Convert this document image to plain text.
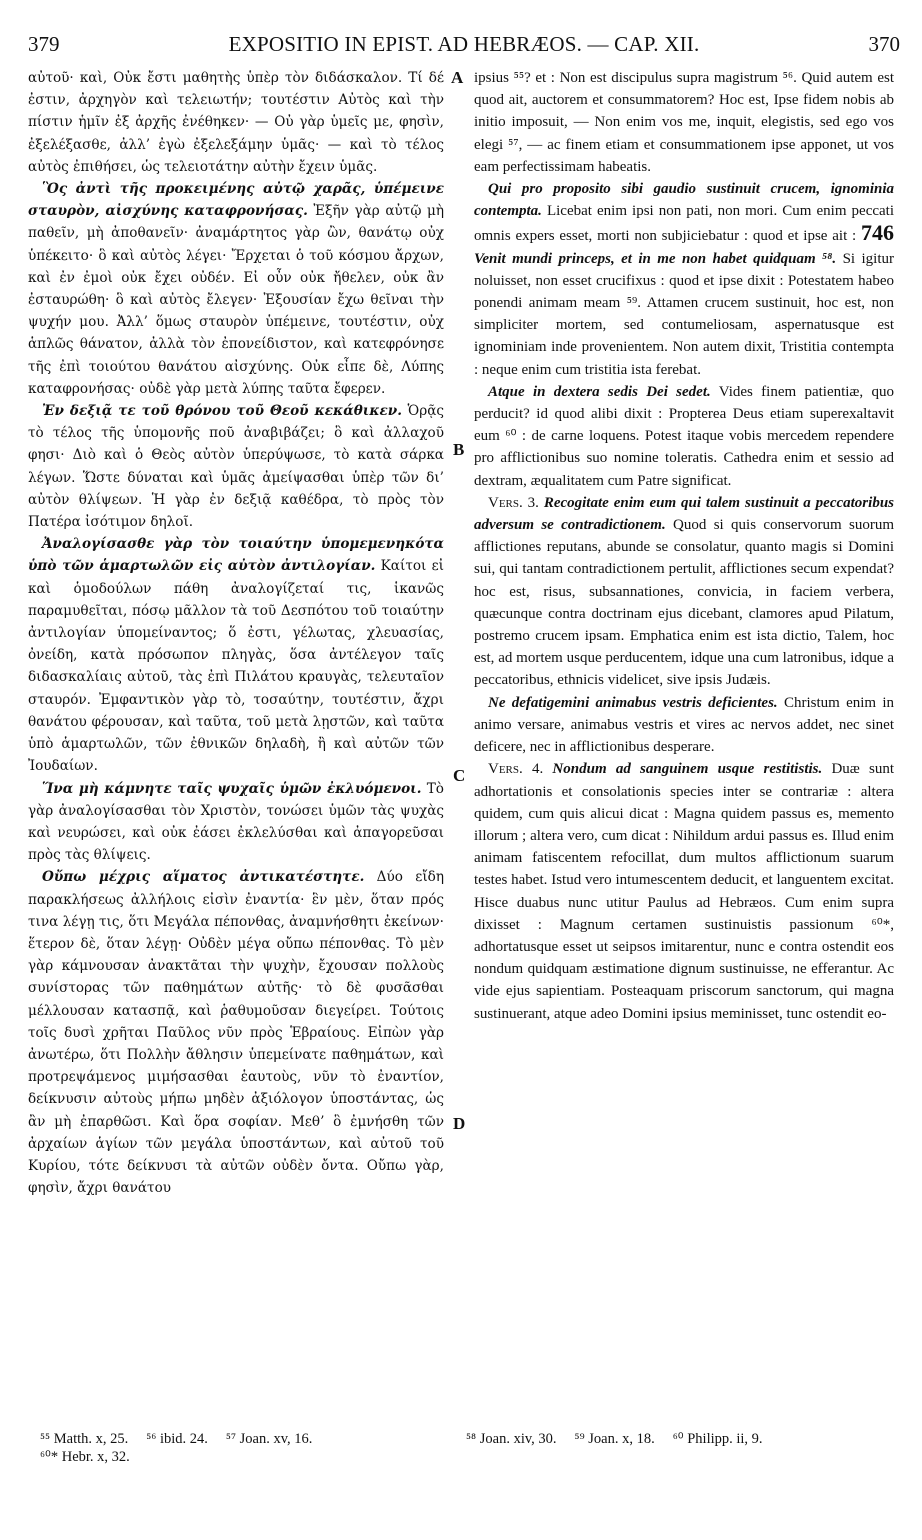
379	EXPOSITIO IN EPIST. AD HEBRÆOS. — CAP. XII.	370

αὐτοῦ· καὶ, Οὐκ ἔστι μαθητὴς ὑπὲρ τὸν διδάσκαλον. Τί δέ ἐστιν, ἀρχηγὸν καὶ τελειωτήν; τουτέστιν Αὐτὸς καὶ τὴν πίστιν ἡμῖν ἐξ ἀρχῆς ἐνέθηκεν· — Οὐ γὰρ ὑμεῖς με, φησὶν, ἐξελέξασθε, ἀλλ’ ἐγὼ ἐξελεξάμην ὑμᾶς· — καὶ τὸ τέλος αὐτὸς ἐπιθήσει, ὡς τελειοτάτην αὐτὴν ἔχειν ὑμᾶς.

Ὃς ἀντὶ τῆς προκειμένης αὐτῷ χαρᾶς, ὑπέμεινε σταυρὸν, αἰσχύνης καταφρονήσας. Ἐξῆν γὰρ αὐτῷ μὴ παθεῖν, μὴ ἀποθανεῖν· ἀναμάρτητος γὰρ ὢν, θανάτῳ οὐχ ὑπέκειτο· ὃ καὶ αὐτὸς λέγει· Ἔρχεται ὁ τοῦ κόσμου ἄρχων, καὶ ἐν ἐμοὶ οὐκ ἔχει οὐδέν. Εἰ οὖν οὐκ ἤθελεν, οὐκ ἂν ἐσταυρώθη· ὃ καὶ αὐτὸς ἔλεγεν· Ἐξουσίαν ἔχω θεῖναι τὴν ψυχήν μου. Ἀλλ’ ὅμως σταυρὸν ὑπέμεινε, τουτέστιν, οὐχ ἁπλῶς θάνατον, ἀλλὰ τὸν ἐπονείδιστον, καὶ κατεφρόνησε τῆς ἐπὶ τοιούτου θανάτου αἰσχύνης. Οὐκ εἶπε δὲ, Λύπης καταφρονήσας· οὐδὲ γὰρ μετὰ λύπης ταῦτα ἔφερεν.

Ἐν δεξιᾷ τε τοῦ θρόνου τοῦ Θεοῦ κεκάθικεν. Ὁρᾷς τὸ τέλος τῆς ὑπομονῆς ποῦ ἀναβιβάζει; ὃ καὶ ἀλλαχοῦ φησι· Διὸ καὶ ὁ Θεὸς αὐτὸν ὑπερύψωσε, τὸ κατὰ σάρκα λέγων. Ὥστε δύναται καὶ ὑμᾶς ἀμείψασθαι ὑπὲρ τῶν δι’ αὐτὸν θλίψεων. Ἡ γὰρ ἐν δεξιᾷ καθέδρα, τὸ πρὸς τὸν Πατέρα ἰσότιμον δηλοῖ.

Ἀναλογίσασθε γὰρ τὸν τοιαύτην ὑπομεμενηκότα ὑπὸ τῶν ἁμαρτωλῶν εἰς αὐτὸν ἀντιλογίαν. Καίτοι εἰ καὶ ὁμοδούλων πάθη ἀναλογίζεταί τις, ἱκανῶς παραμυθεῖται, πόσῳ μᾶλλον τὰ τοῦ Δεσπότου τοῦ τοιαύτην ἀντιλογίαν ὑπομείναντος; ὅ ἐστι, γέλωτας, χλευασίας, ὀνείδη, κατὰ πρόσωπον πληγὰς, ὅσα ἀντέλεγον ταῖς διδασκαλίαις αὐτοῦ, τὰς ἐπὶ Πιλάτου κραυγὰς, τελευταῖον σταυρόν. Ἐμφαντικὸν γὰρ τὸ, τοσαύτην, τουτέστιν, ἄχρι θανάτου φέρουσαν, καὶ ταῦτα, τοῦ μετὰ λῃστῶν, καὶ ταῦτα ὑπὸ ἁμαρτωλῶν, τῶν ἐθνικῶν δηλαδὴ, ἢ καὶ αὐτῶν τῶν Ἰουδαίων.

Ἵνα μὴ κάμνητε ταῖς ψυχαῖς ὑμῶν ἐκλυόμενοι. Τὸ γὰρ ἀναλογίσασθαι τὸν Χριστὸν, τονώσει ὑμῶν τὰς ψυχὰς καὶ νευρώσει, καὶ οὐκ ἐάσει ἐκλελύσθαι καὶ ἀπαγορεῦσαι πρὸς τὰς θλίψεις.

Οὔπω μέχρις αἵματος ἀντικατέστητε. Δύο εἴδη παρακλήσεως ἀλλήλοις εἰσὶν ἐναντία· ἓν μὲν, ὅταν πρός τινα λέγῃ τις, ὅτι Μεγάλα πέπονθας, ἀναμνήσθητι ἐκείνων· ἕτερον δὲ, ὅταν λέγῃ· Οὐδὲν μέγα οὔπω πέπονθας. Τὸ μὲν γὰρ κάμνουσαν ἀνακτᾶται τὴν ψυχὴν, ἔχουσαν πολλοὺς συνίστορας τῶν παθημάτων αὐτῆς· τὸ δὲ φυσᾶσθαι μέλλουσαν κατασπᾷ, καὶ ῥαθυμοῦσαν διεγείρει. Τούτοις τοῖς δυσὶ χρῆται Παῦλος νῦν πρὸς Ἑβραίους. Εἰπὼν γὰρ ἀνωτέρω, ὅτι Πολλὴν ἄθλησιν ὑπεμείνατε παθημάτων, καὶ προτρεψάμενος μιμήσασθαι ἑαυτοὺς, νῦν τὸ ἐναντίον, δείκνυσιν αὐτοὺς μήπω μηδὲν ἀξιόλογον ὑποστάντας, ὡς ἂν μὴ ἐπαρθῶσι. Καὶ ὅρα σοφίαν. Μεθ’ ὃ ἐμνήσθη τῶν ἀρχαίων ἁγίων τῶν μεγάλα ὑποστάντων, καὶ αὐτοῦ τοῦ Κυρίου, τότε δείκνυσι τὰ αὐτῶν οὐδὲν ὄντα. Οὔπω γὰρ, φησὶν, ἄχρι θανάτου

A
B
C
D

ipsius ⁵⁵? et : Non est discipulus supra magistrum ⁵⁶. Quid autem est quod ait, auctorem et consummatorem? Hoc est, Ipse fidem nobis ab initio imposuit, — Non enim vos me, inquit, elegistis, sed ego vos elegi ⁵⁷, — ac finem etiam et consummationem ipse apponet, ut vos eam perfectissimam habeatis.

Qui pro proposito sibi gaudio sustinuit crucem, ignominia contempta. Licebat enim ipsi non pati, non mori. Cum enim peccati omnis expers esset, morti non subjiciebatur : quod et ipse ait : 746 Venit mundi princeps, et in me non habet quidquam ⁵⁸. Si igitur noluisset, non esset crucifixus : quod et ipse dixit : Potestatem habeo ponendi animam meam ⁵⁹. Attamen crucem sustinuit, hoc est, non simpliciter mortem, sed contumeliosam, aspernatusque est ignominiam inde provenientem. Non autem dixit, Tristitia contempta : neque enim cum tristitia ista ferebat.

Atque in dextera sedis Dei sedet. Vides finem patientiæ, quo perducit? id quod alibi dixit : Propterea Deus etiam superexaltavit eum ⁶⁰ : de carne loquens. Potest itaque vobis mercedem rependere pro afflictionibus suo nomine toleratis. Cathedra enim et sessio ad dextram, æqualitatem cum Patre significat.

Vers. 3. Recogitate enim eum qui talem sustinuit a peccatoribus adversum se contradictionem. Quod si quis conservorum suorum afflictiones reputans, abunde se consolatur, quanto magis si Domini sui, qui tantam contradictionem pertulit, afflictiones secum expendat? hoc est, risus, subsannationes, convicia, in faciem verbera, quæcunque contra doctrinam ejus dicebant, clamores apud Pilatum, postremo crucem ipsam. Emphatica enim est ista dictio, Talem, hoc est, ad mortem usque perducentem, idque una cum latronibus, idque a peccatoribus, ethnicis videlicet, sive ipsis Judæis.

Ne defatigemini animabus vestris deficientes. Christum enim in animo versare, animabus vestris et vires ac nervos addet, nec sinet deficere, nec in afflictionibus desperare.

Vers. 4. Nondum ad sanguinem usque restitistis. Duæ sunt adhortationis et consolationis species inter se contrariæ : altera quidem, cum quis alicui dicat : Magna quidem passus es, memento illorum ; altera vero, cum dicat : Nihildum ardui passus es. Illud enim animam fatiscentem refocillat, dum multos afflictionum suarum testes habet. Istud vero intumescentem deducit, et languentem excitat. Hisce duabus nunc utitur Paulus ad Hebræos. Cum enim supra dixisset : Magnum certamen sustinuistis passionum ⁶⁰*, adhortatusque esset ut seipsos imitarentur, nunc e contra ostendit eos nondum quidquam æstimatione dignum sustinuisse, ne efferantur. Ac vide ejus sapientiam. Posteaquam priscorum sanctorum, qui magna sustinuerant, atque adeo Domini ipsius meminisset, tunc ostendit eo-

⁵⁵ Matth. x, 25. ⁵⁶ ibid. 24. ⁵⁷ Joan. xv, 16.
⁶⁰* Hebr. x, 32.
⁵⁸ Joan. xiv, 30. ⁵⁹ Joan. x, 18. ⁶⁰ Philipp. ii, 9.
